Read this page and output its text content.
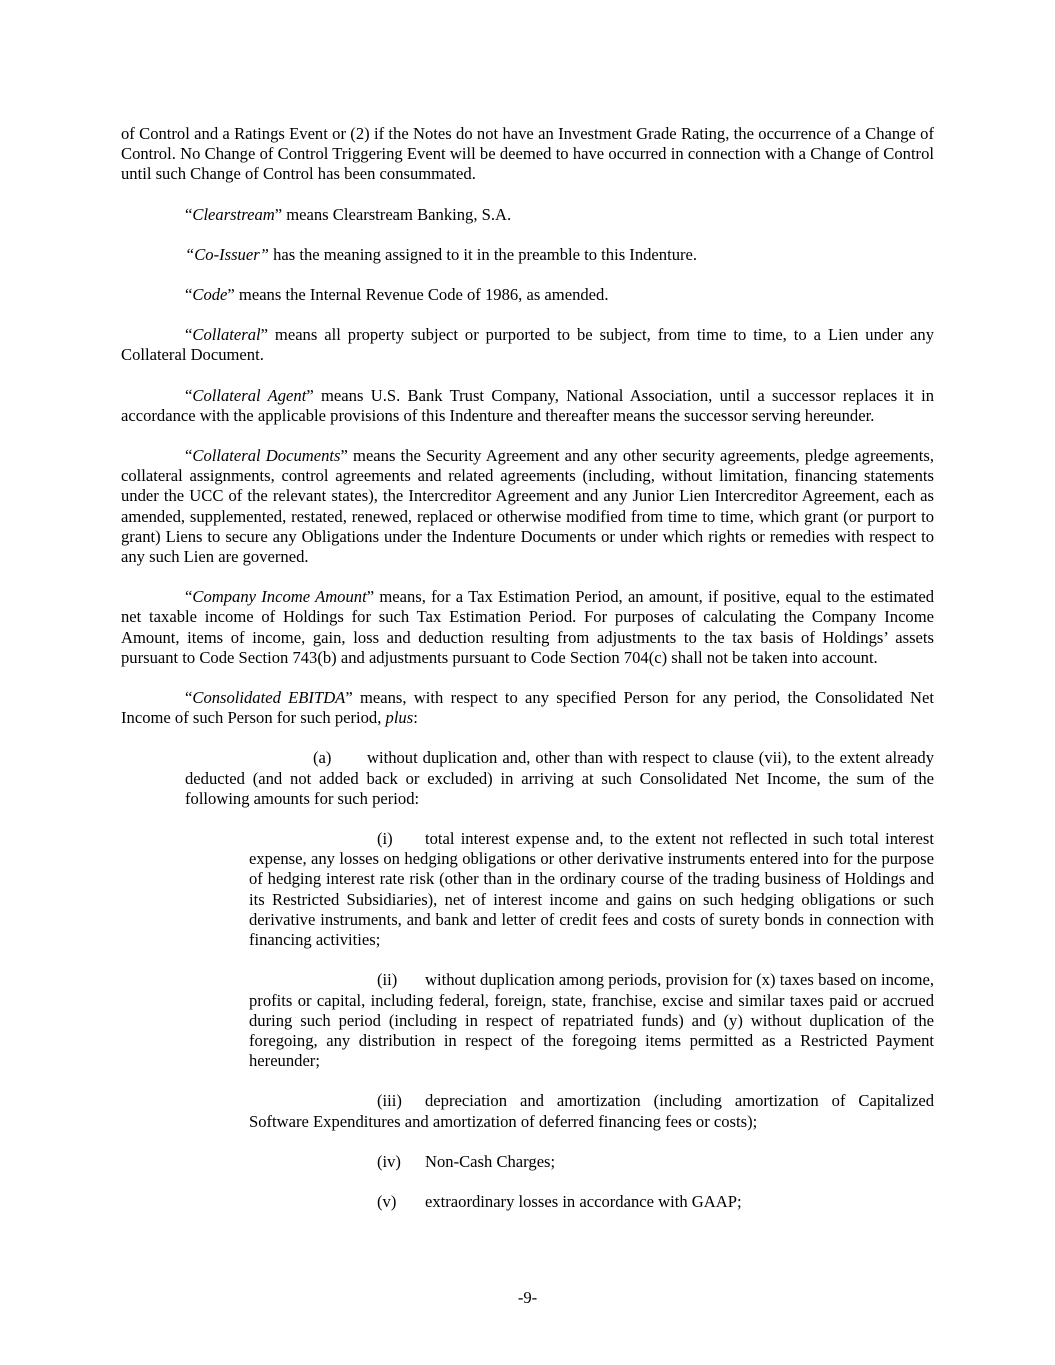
of Control and a Ratings Event or (2) if the Notes do not have an Investment Grade Rating, the occurrence of a Change of Control. No Change of Control Triggering Event will be deemed to have occurred in connection with a Change of Control until such Change of Control has been consummated.

“Clearstream” means Clearstream Banking, S.A.

“Co-Issuer” has the meaning assigned to it in the preamble to this Indenture.

“Code” means the Internal Revenue Code of 1986, as amended.

“Collateral” means all property subject or purported to be subject, from time to time, to a Lien under any Collateral Document.

“Collateral Agent” means U.S. Bank Trust Company, National Association, until a successor replaces it in accordance with the applicable provisions of this Indenture and thereafter means the successor serving hereunder.

“Collateral Documents” means the Security Agreement and any other security agreements, pledge agreements, collateral assignments, control agreements and related agreements (including, without limitation, financing statements under the UCC of the relevant states), the Intercreditor Agreement and any Junior Lien Intercreditor Agreement, each as amended, supplemented, restated, renewed, replaced or otherwise modified from time to time, which grant (or purport to grant) Liens to secure any Obligations under the Indenture Documents or under which rights or remedies with respect to any such Lien are governed.

“Company Income Amount” means, for a Tax Estimation Period, an amount, if positive, equal to the estimated net taxable income of Holdings for such Tax Estimation Period. For purposes of calculating the Company Income Amount, items of income, gain, loss and deduction resulting from adjustments to the tax basis of Holdings’ assets pursuant to Code Section 743(b) and adjustments pursuant to Code Section 704(c) shall not be taken into account.

“Consolidated EBITDA” means, with respect to any specified Person for any period, the Consolidated Net Income of such Person for such period, plus:

(a) without duplication and, other than with respect to clause (vii), to the extent already deducted (and not added back or excluded) in arriving at such Consolidated Net Income, the sum of the following amounts for such period:

(i) total interest expense and, to the extent not reflected in such total interest expense, any losses on hedging obligations or other derivative instruments entered into for the purpose of hedging interest rate risk (other than in the ordinary course of the trading business of Holdings and its Restricted Subsidiaries), net of interest income and gains on such hedging obligations or such derivative instruments, and bank and letter of credit fees and costs of surety bonds in connection with financing activities;

(ii) without duplication among periods, provision for (x) taxes based on income, profits or capital, including federal, foreign, state, franchise, excise and similar taxes paid or accrued during such period (including in respect of repatriated funds) and (y) without duplication of the foregoing, any distribution in respect of the foregoing items permitted as a Restricted Payment hereunder;

(iii) depreciation and amortization (including amortization of Capitalized Software Expenditures and amortization of deferred financing fees or costs);

(iv) Non-Cash Charges;

(v) extraordinary losses in accordance with GAAP;

-9-
